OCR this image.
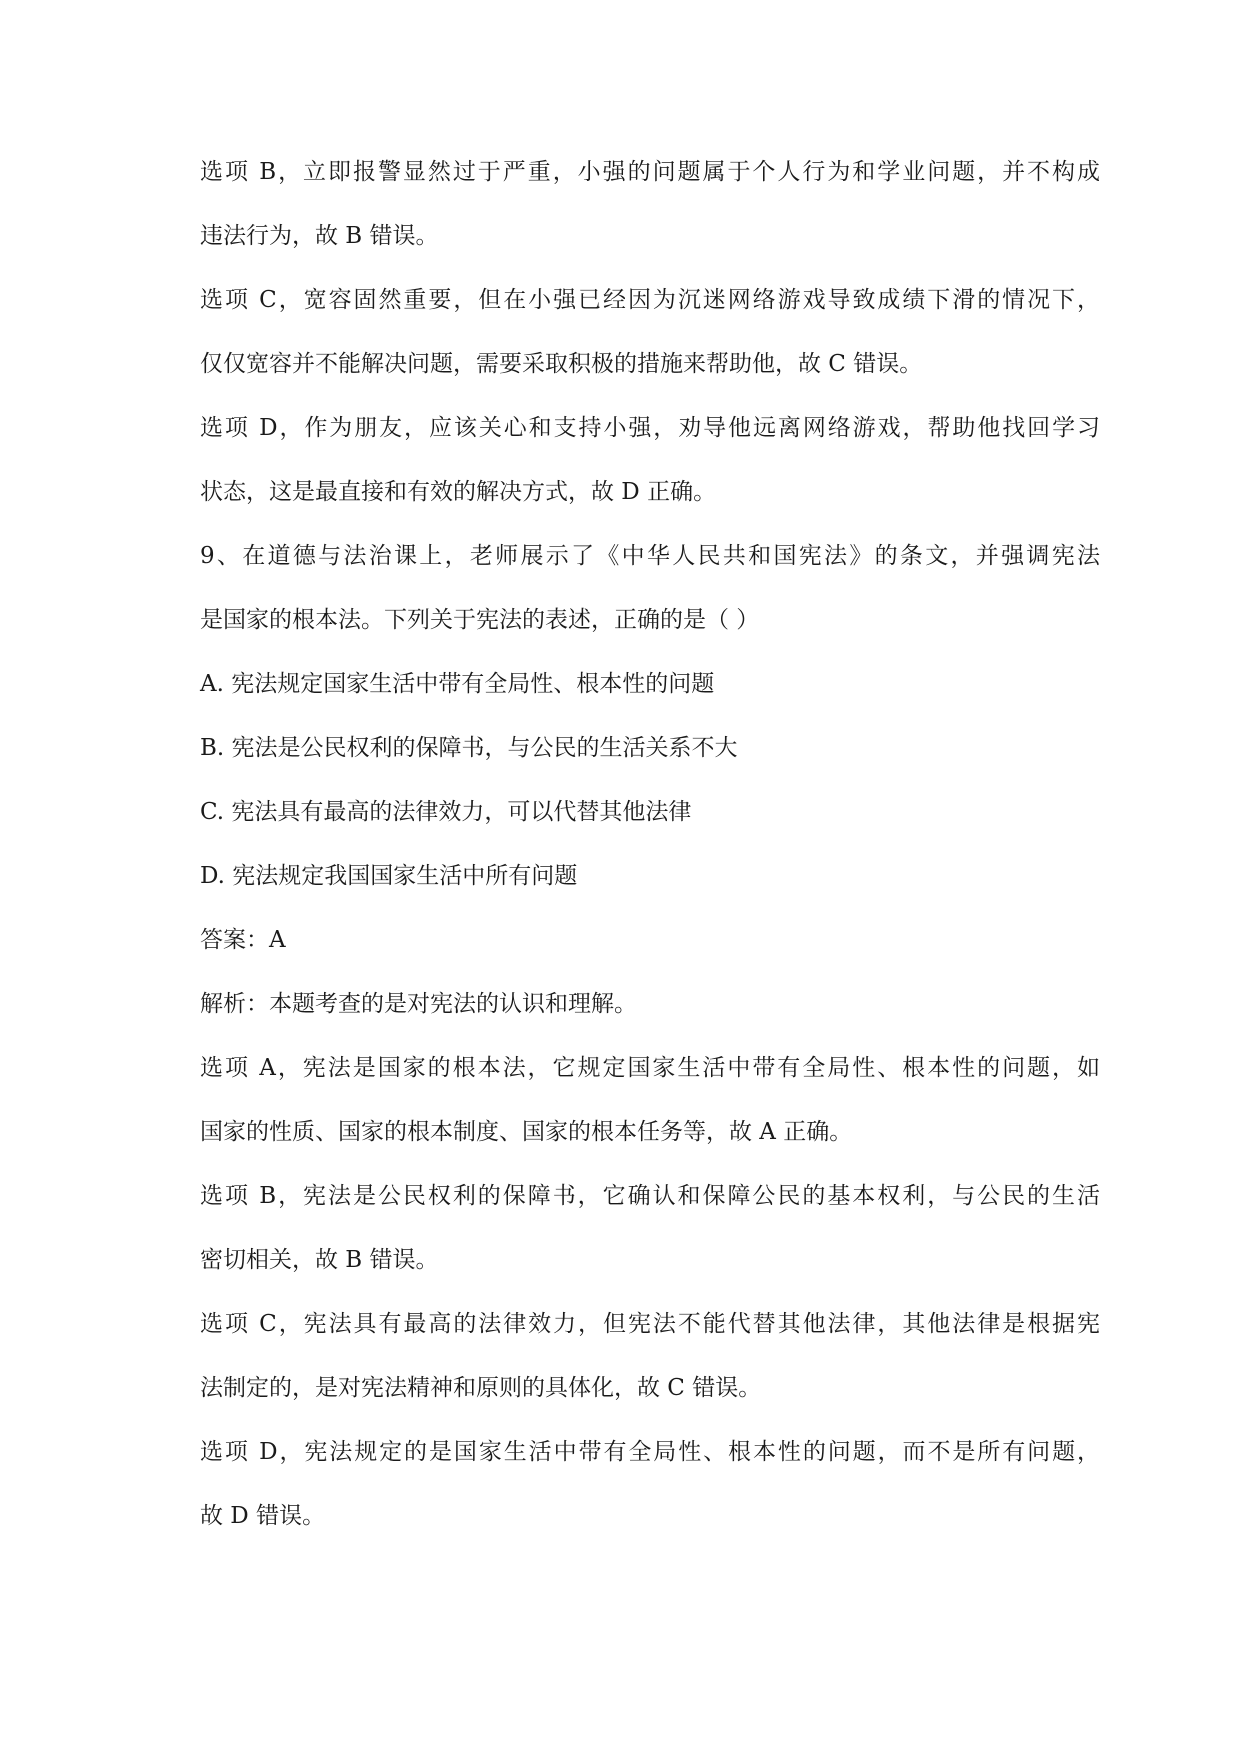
选项 B，立即报警显然过于严重，小强的问题属于个人行为和学业问题，并不构成
违法行为，故 B 错误。
选项 C，宽容固然重要，但在小强已经因为沉迷网络游戏导致成绩下滑的情况下，
仅仅宽容并不能解决问题，需要采取积极的措施来帮助他，故 C 错误。
选项 D，作为朋友，应该关心和支持小强，劝导他远离网络游戏，帮助他找回学习
状态，这是最直接和有效的解决方式，故 D 正确。
9、在道德与法治课上，老师展示了《中华人民共和国宪法》的条文，并强调宪法
是国家的根本法。下列关于宪法的表述，正确的是（ ）
A. 宪法规定国家生活中带有全局性、根本性的问题
B. 宪法是公民权利的保障书，与公民的生活关系不大
C. 宪法具有最高的法律效力，可以代替其他法律
D. 宪法规定我国国家生活中所有问题
答案：A
解析：本题考查的是对宪法的认识和理解。
选项 A，宪法是国家的根本法，它规定国家生活中带有全局性、根本性的问题，如
国家的性质、国家的根本制度、国家的根本任务等，故 A 正确。
选项 B，宪法是公民权利的保障书，它确认和保障公民的基本权利，与公民的生活
密切相关，故 B 错误。
选项 C，宪法具有最高的法律效力，但宪法不能代替其他法律，其他法律是根据宪
法制定的，是对宪法精神和原则的具体化，故 C 错误。
选项 D，宪法规定的是国家生活中带有全局性、根本性的问题，而不是所有问题，
故 D 错误。
